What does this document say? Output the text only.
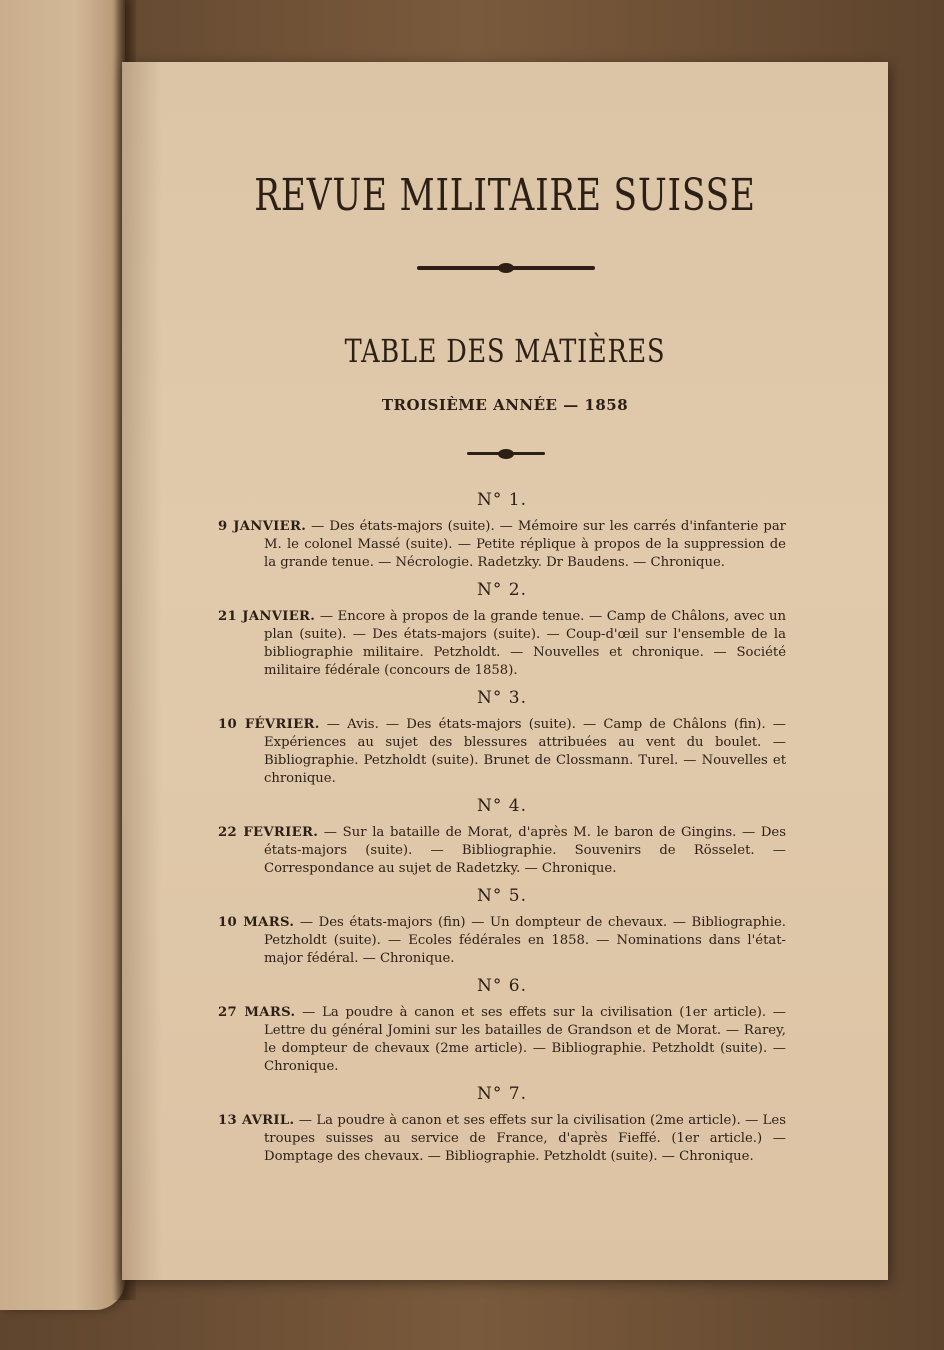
REVUE MILITAIRE SUISSE
TABLE DES MATIÈRES
TROISIÈME ANNÉE — 1858
N° 1.

9 JANVIER. — Des états-majors (suite). — Mémoire sur les carrés d'infanterie par M. le colonel Massé (suite). — Petite réplique à propos de la suppression de la grande tenue. — Nécrologie. Radetzky. Dr Baudens. — Chronique.

N° 2.

21 JANVIER. — Encore à propos de la grande tenue. — Camp de Châlons, avec un plan (suite). — Des états-majors (suite). — Coup-d'œil sur l'ensemble de la bibliographie militaire. Petzholdt. — Nouvelles et chronique. — Société militaire fédérale (concours de 1858).

N° 3.

10 FÉVRIER. — Avis. — Des états-majors (suite). — Camp de Châlons (fin). — Expériences au sujet des blessures attribuées au vent du boulet. — Bibliographie. Petzholdt (suite). Brunet de Clossmann. Turel. — Nouvelles et chronique.

N° 4.

22 FEVRIER. — Sur la bataille de Morat, d'après M. le baron de Gingins. — Des états-majors (suite). — Bibliographie. Souvenirs de Rösselet. — Correspondance au sujet de Radetzky. — Chronique.

N° 5.

10 MARS. — Des états-majors (fin) — Un dompteur de chevaux. — Bibliographie. Petzholdt (suite). — Ecoles fédérales en 1858. — Nominations dans l'état-major fédéral. — Chronique.

N° 6.

27 MARS. — La poudre à canon et ses effets sur la civilisation (1er article). — Lettre du général Jomini sur les batailles de Grandson et de Morat. — Rarey, le dompteur de chevaux (2me article). — Bibliographie. Petzholdt (suite). — Chronique.

N° 7.

13 AVRIL. — La poudre à canon et ses effets sur la civilisation (2me article). — Les troupes suisses au service de France, d'après Fieffé. (1er article.) — Domptage des chevaux. — Bibliographie. Petzholdt (suite). — Chronique.
